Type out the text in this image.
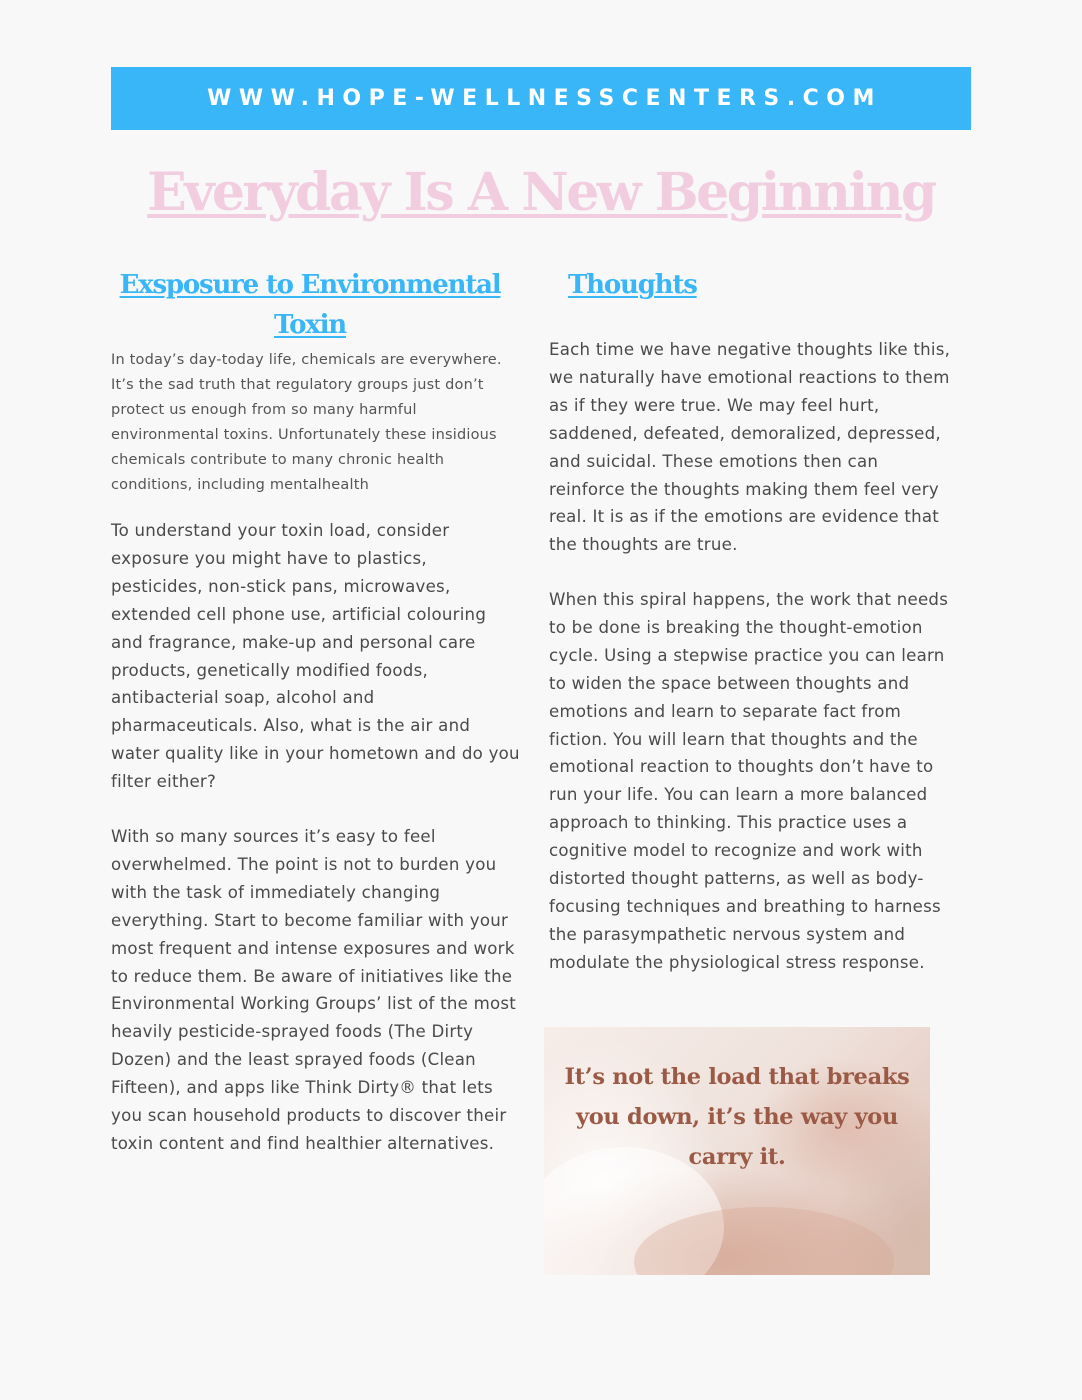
WWW.HOPE-WELLNESSCENTERS.COM
Everyday Is A New Beginning
Exsposure to Environmental Toxin

In today’s day-today life, chemicals are everywhere. It’s the sad truth that regulatory groups just don’t protect us enough from so many harmful environmental toxins. Unfortunately these insidious chemicals contribute to many chronic health conditions, including mentalhealth

To understand your toxin load, consider exposure you might have to plastics, pesticides, non-stick pans, microwaves, extended cell phone use, artificial colouring and fragrance, make-up and personal care products, genetically modified foods, antibacterial soap, alcohol and pharmaceuticals. Also, what is the air and water quality like in your hometown and do you filter either?

With so many sources it’s easy to feel overwhelmed. The point is not to burden you with the task of immediately changing everything. Start to become familiar with your most frequent and intense exposures and work to reduce them. Be aware of initiatives like the Environmental Working Groups’ list of the most heavily pesticide-sprayed foods (The Dirty Dozen) and the least sprayed foods (Clean Fifteen), and apps like Think Dirty® that lets you scan household products to discover their toxin content and find healthier alternatives.

Thoughts

Each time we have negative thoughts like this, we naturally have emotional reactions to them as if they were true. We may feel hurt, saddened, defeated, demoralized, depressed, and suicidal. These emotions then can reinforce the thoughts making them feel very real. It is as if the emotions are evidence that the thoughts are true.

When this spiral happens, the work that needs to be done is breaking the thought-emotion cycle. Using a stepwise practice you can learn to widen the space between thoughts and emotions and learn to separate fact from fiction. You will learn that thoughts and the emotional reaction to thoughts don’t have to run your life. You can learn a more balanced approach to thinking. This practice uses a cognitive model to recognize and work with distorted thought patterns, as well as body-focusing techniques and breathing to harness the parasympathetic nervous system and modulate the physiological stress response.

It’s not the load that breaks you down, it’s the way you carry it.
